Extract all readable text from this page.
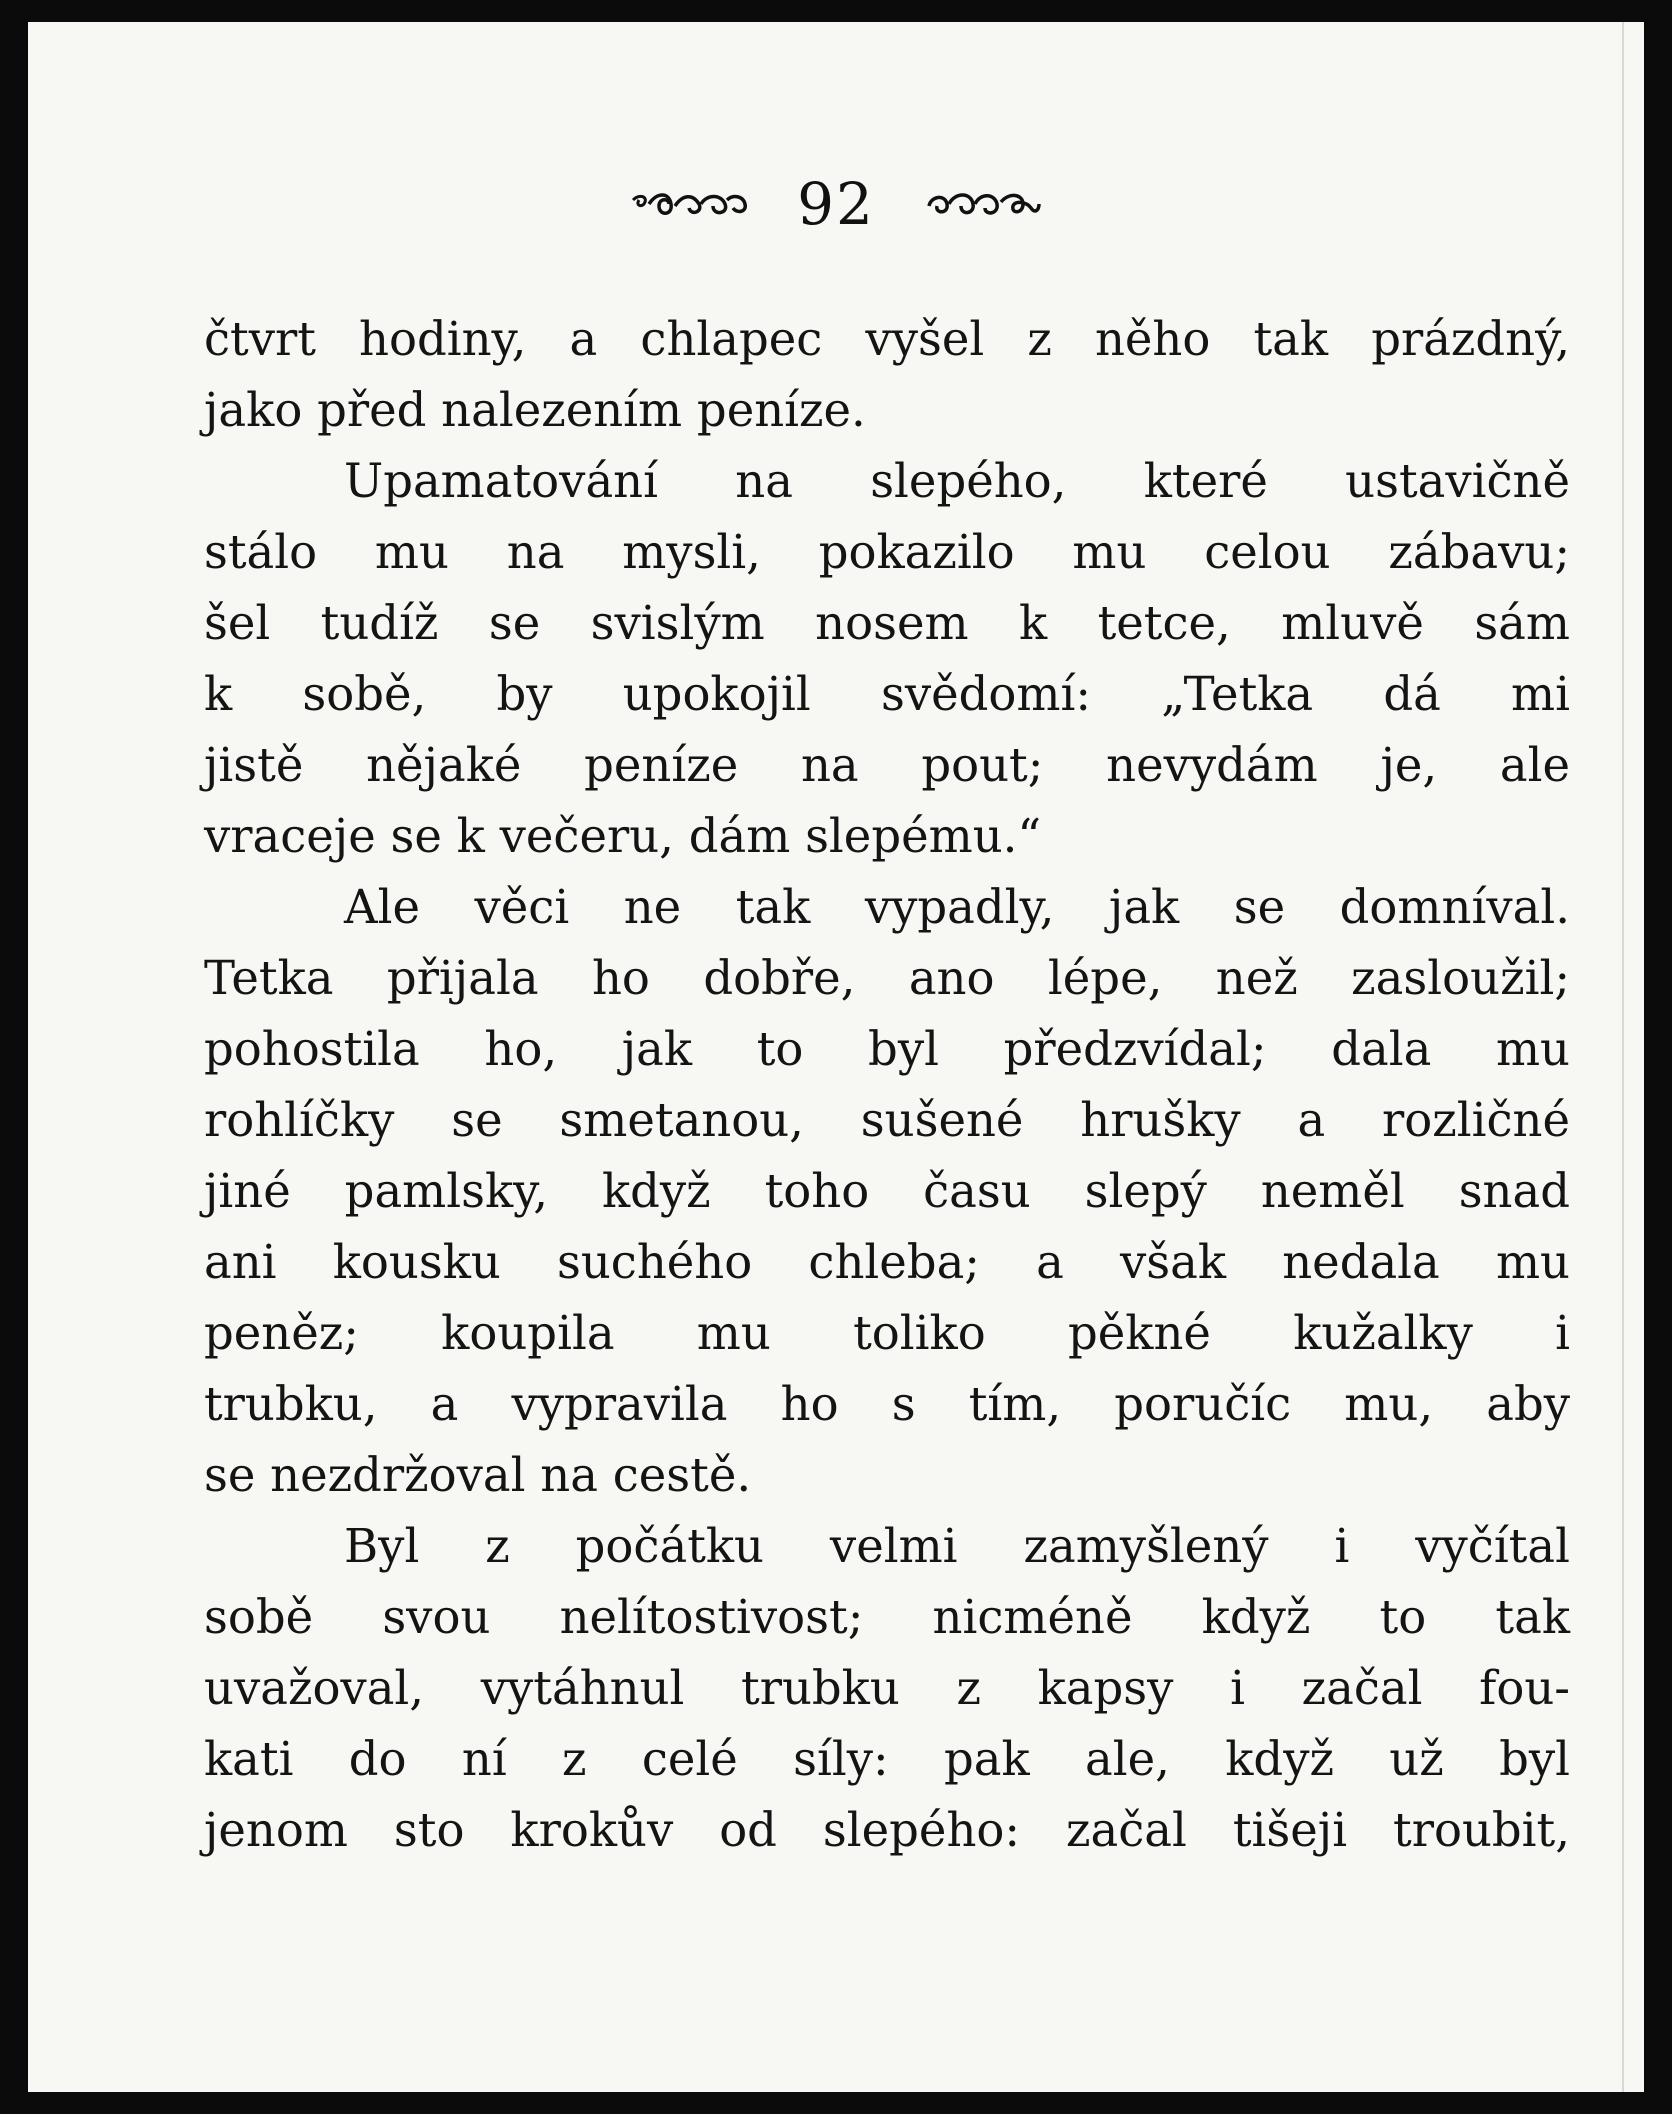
92
čtvrt hodiny, a chlapec vyšel z něho tak prázdný,
jako před nalezením peníze.
Upamatování na slepého, které ustavičně
stálo mu na mysli, pokazilo mu celou zábavu;
šel tudíž se svislým nosem k tetce, mluvě sám
k sobě, by upokojil svědomí: „Tetka dá mi
jistě nějaké peníze na pout; nevydám je, ale
vraceje se k večeru, dám slepému.“
Ale věci ne tak vypadly, jak se domníval.
Tetka přijala ho dobře, ano lépe, než zasloužil;
pohostila ho, jak to byl předzvídal; dala mu
rohlíčky se smetanou, sušené hrušky a rozličné
jiné pamlsky, když toho času slepý neměl snad
ani kousku suchého chleba; a však nedala mu
peněz; koupila mu toliko pěkné kužalky i
trubku, a vypravila ho s tím, poručíc mu, aby
se nezdržoval na cestě.
Byl z počátku velmi zamyšlený i vyčítal
sobě svou nelítostivost; nicméně když to tak
uvažoval, vytáhnul trubku z kapsy i začal fou-
kati do ní z celé síly: pak ale, když už byl
jenom sto krokův od slepého: začal tišeji troubit,
